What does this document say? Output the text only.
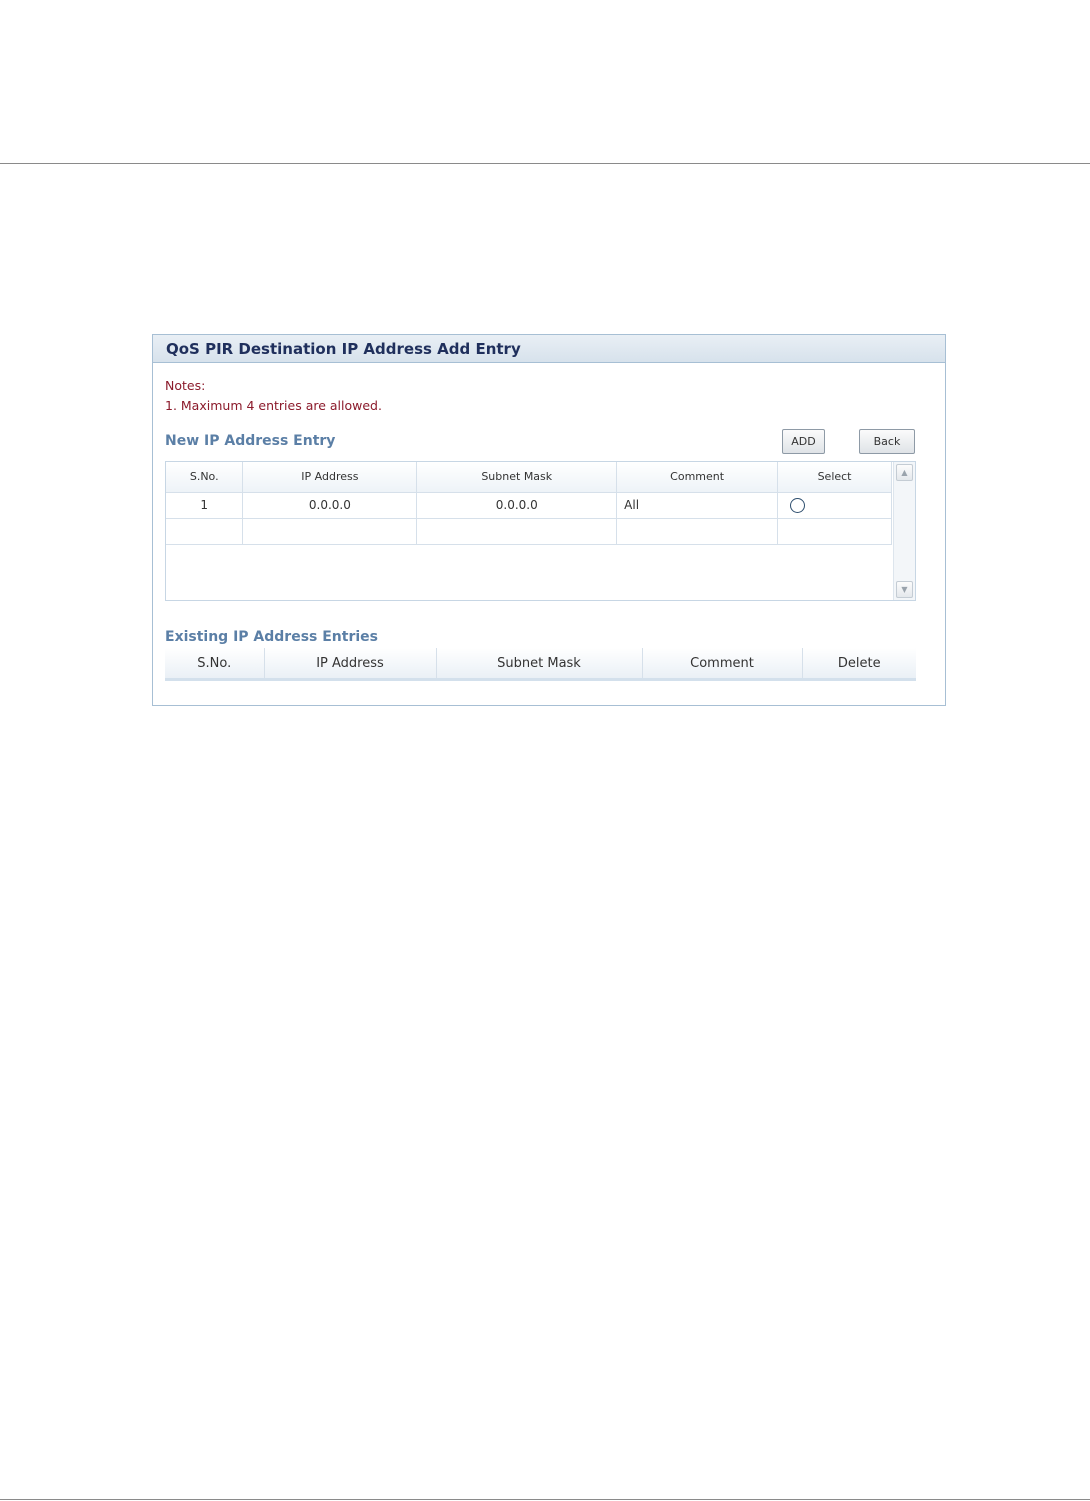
QoS PIR Destination IP Address Add Entry
Notes:
1. Maximum 4 entries are allowed.
New IP Address Entry	ADD	Back
S.No.	IP Address	Subnet Mask	Comment	Select
1	0.0.0.0	0.0.0.0	All	

▲
▼
Existing IP Address Entries
S.No.	IP Address	Subnet Mask	Comment	Delete
